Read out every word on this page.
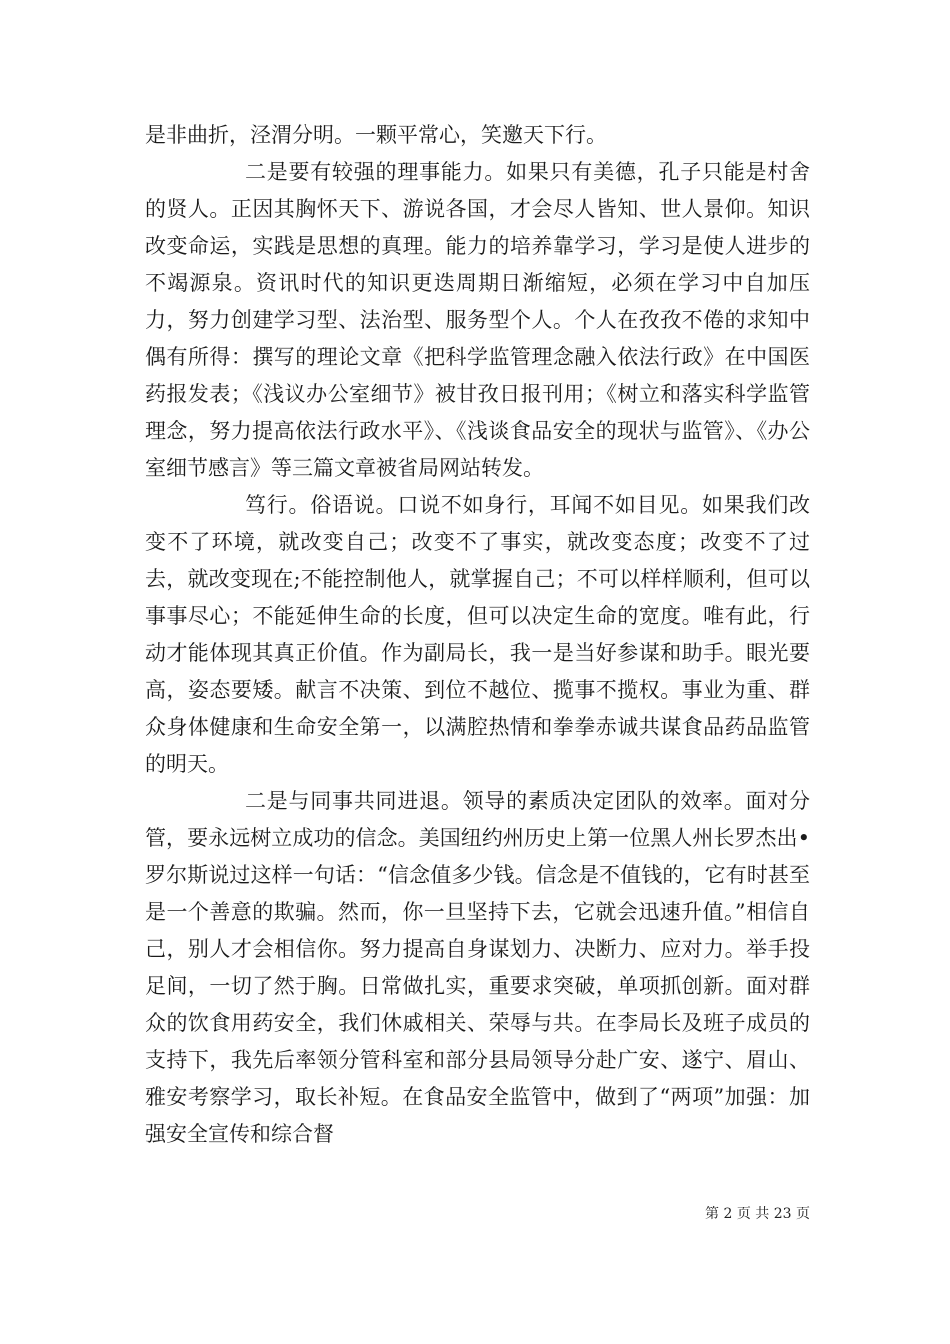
是非曲折，泾渭分明。一颗平常心，笑邀天下行。

二是要有较强的理事能力。如果只有美德，孔子只能是村舍的贤人。正因其胸怀天下、游说各国，才会尽人皆知、世人景仰。知识改变命运，实践是思想的真理。能力的培养靠学习，学习是使人进步的不竭源泉。资讯时代的知识更迭周期日渐缩短，必须在学习中自加压力，努力创建学习型、法治型、服务型个人。个人在孜孜不倦的求知中偶有所得：撰写的理论文章《把科学监管理念融入依法行政》在中国医药报发表；《浅议办公室细节》被甘孜日报刊用；《树立和落实科学监管理念，努力提高依法行政水平》、《浅谈食品安全的现状与监管》、《办公室细节感言》等三篇文章被省局网站转发。

笃行。俗语说。口说不如身行，耳闻不如目见。如果我们改变不了环境，就改变自己；改变不了事实，就改变态度；改变不了过去，就改变现在;不能控制他人，就掌握自己；不可以样样顺利，但可以事事尽心；不能延伸生命的长度，但可以决定生命的宽度。唯有此，行动才能体现其真正价值。作为副局长，我一是当好参谋和助手。眼光要高，姿态要矮。献言不决策、到位不越位、揽事不揽权。事业为重、群众身体健康和生命安全第一，以满腔热情和拳拳赤诚共谋食品药品监管的明天。

二是与同事共同进退。领导的素质决定团队的效率。面对分管，要永远树立成功的信念。美国纽约州历史上第一位黑人州长罗杰出•罗尔斯说过这样一句话：“信念值多少钱。信念是不值钱的，它有时甚至是一个善意的欺骗。然而，你一旦坚持下去，它就会迅速升值。”相信自己，别人才会相信你。努力提高自身谋划力、决断力、应对力。举手投足间，一切了然于胸。日常做扎实，重要求突破，单项抓创新。面对群众的饮食用药安全，我们休戚相关、荣辱与共。在李局长及班子成员的支持下，我先后率领分管科室和部分县局领导分赴广安、遂宁、眉山、雅安考察学习，取长补短。在食品安全监管中，做到了“两项”加强：加强安全宣传和综合督

第 2 页 共 23 页
